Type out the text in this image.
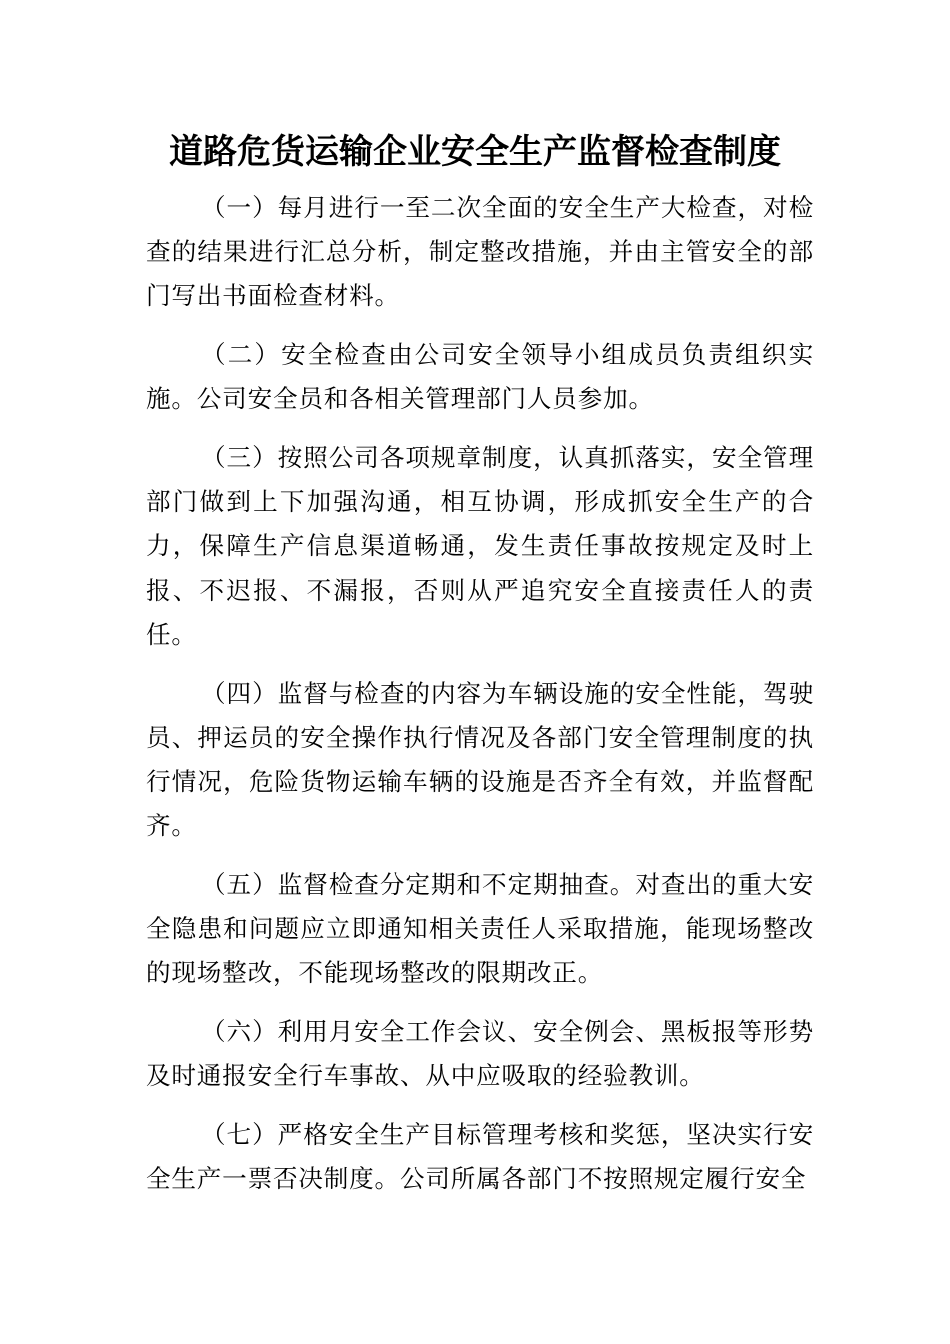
道路危货运输企业安全生产监督检查制度

（一）每月进行一至二次全面的安全生产大检查，对检查的结果进行汇总分析，制定整改措施，并由主管安全的部门写出书面检查材料。

（二）安全检查由公司安全领导小组成员负责组织实施。公司安全员和各相关管理部门人员参加。

（三）按照公司各项规章制度，认真抓落实，安全管理部门做到上下加强沟通，相互协调，形成抓安全生产的合力，保障生产信息渠道畅通，发生责任事故按规定及时上报、不迟报、不漏报，否则从严追究安全直接责任人的责任。

（四）监督与检查的内容为车辆设施的安全性能，驾驶员、押运员的安全操作执行情况及各部门安全管理制度的执行情况，危险货物运输车辆的设施是否齐全有效，并监督配齐。

（五）监督检查分定期和不定期抽查。对查出的重大安全隐患和问题应立即通知相关责任人采取措施，能现场整改的现场整改，不能现场整改的限期改正。

（六）利用月安全工作会议、安全例会、黑板报等形势及时通报安全行车事故、从中应吸取的经验教训。

（七）严格安全生产目标管理考核和奖惩，坚决实行安全生产一票否决制度。公司所属各部门不按照规定履行安全
